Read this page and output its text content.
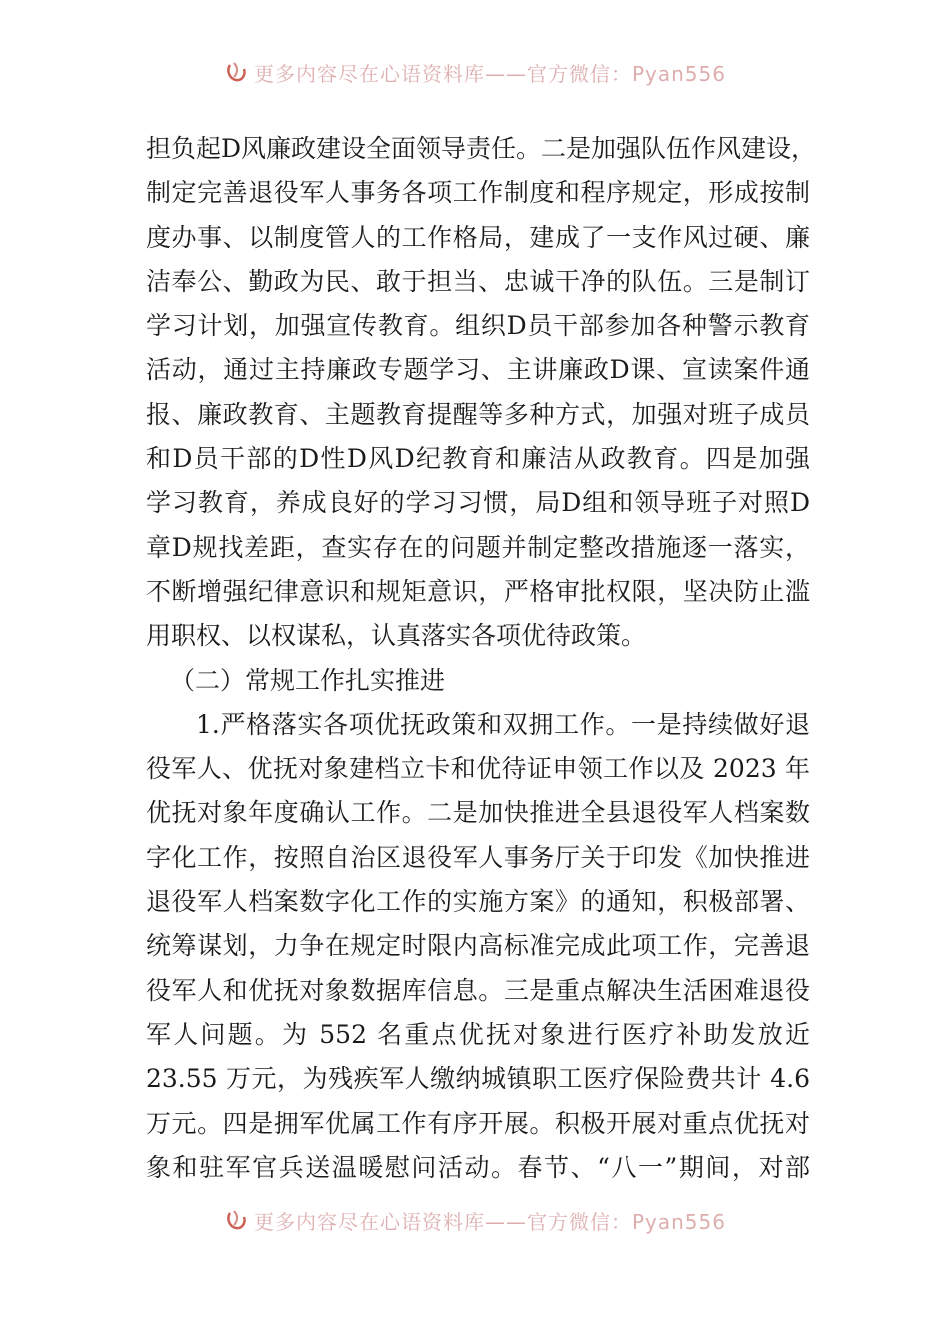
更多内容尽在心语资料库——官方微信：Pyan556
担负起D风廉政建设全面领导责任。二是加强队伍作风建设，
制定完善退役军人事务各项工作制度和程序规定，形成按制
度办事、以制度管人的工作格局，建成了一支作风过硬、廉
洁奉公、勤政为民、敢于担当、忠诚干净的队伍。三是制订
学习计划，加强宣传教育。组织D员干部参加各种警示教育
活动，通过主持廉政专题学习、主讲廉政D课、宣读案件通
报、廉政教育、主题教育提醒等多种方式，加强对班子成员
和D员干部的D性D风D纪教育和廉洁从政教育。四是加强
学习教育，养成良好的学习习惯，局D组和领导班子对照D
章D规找差距，查实存在的问题并制定整改措施逐一落实，
不断增强纪律意识和规矩意识，严格审批权限，坚决防止滥
用职权、以权谋私，认真落实各项优待政策。
（二）常规工作扎实推进
1.严格落实各项优抚政策和双拥工作。一是持续做好退
役军人、优抚对象建档立卡和优待证申领工作以及 2023 年
优抚对象年度确认工作。二是加快推进全县退役军人档案数
字化工作，按照自治区退役军人事务厅关于印发《加快推进
退役军人档案数字化工作的实施方案》的通知，积极部署、
统筹谋划，力争在规定时限内高标准完成此项工作，完善退
役军人和优抚对象数据库信息。三是重点解决生活困难退役
军人问题。为 552 名重点优抚对象进行医疗补助发放近
23.55 万元，为残疾军人缴纳城镇职工医疗保险费共计 4.6
万元。四是拥军优属工作有序开展。积极开展对重点优抚对
象和驻军官兵送温暖慰问活动。春节、“八一”期间，对部
更多内容尽在心语资料库——官方微信：Pyan556
